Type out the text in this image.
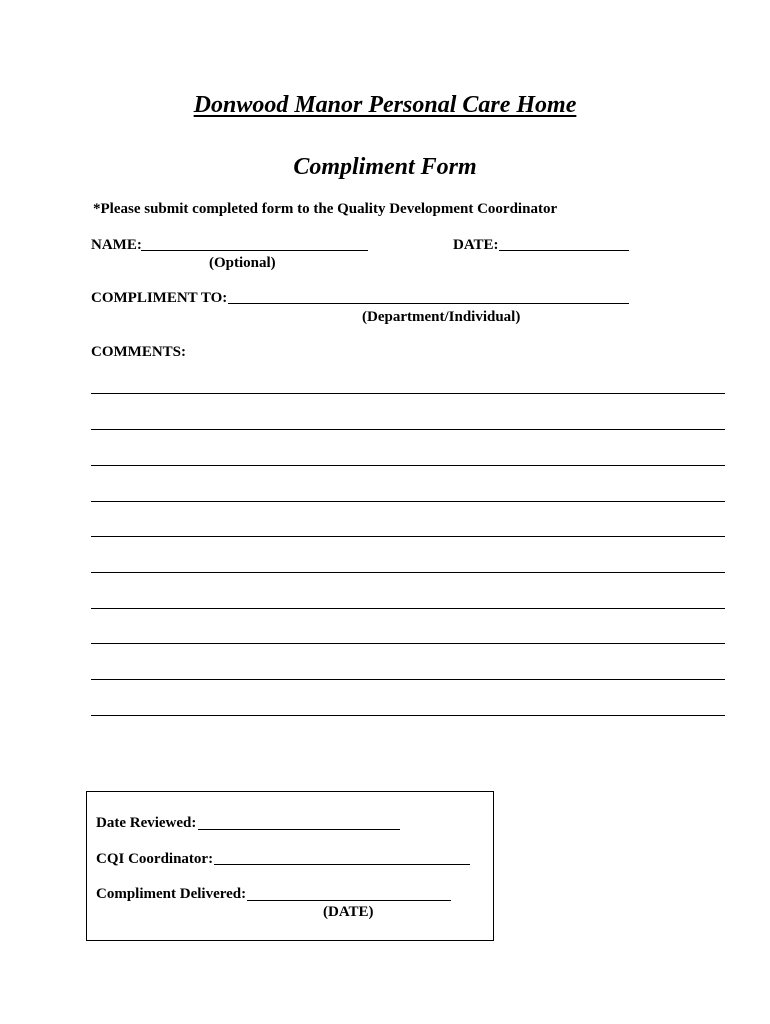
Donwood Manor Personal Care Home
Compliment Form
*Please submit completed form to the Quality Development Coordinator
NAME:
(Optional)
DATE:
COMPLIMENT TO:
(Department/Individual)
COMMENTS:
Date Reviewed:
CQI Coordinator:
Compliment Delivered:
(DATE)
